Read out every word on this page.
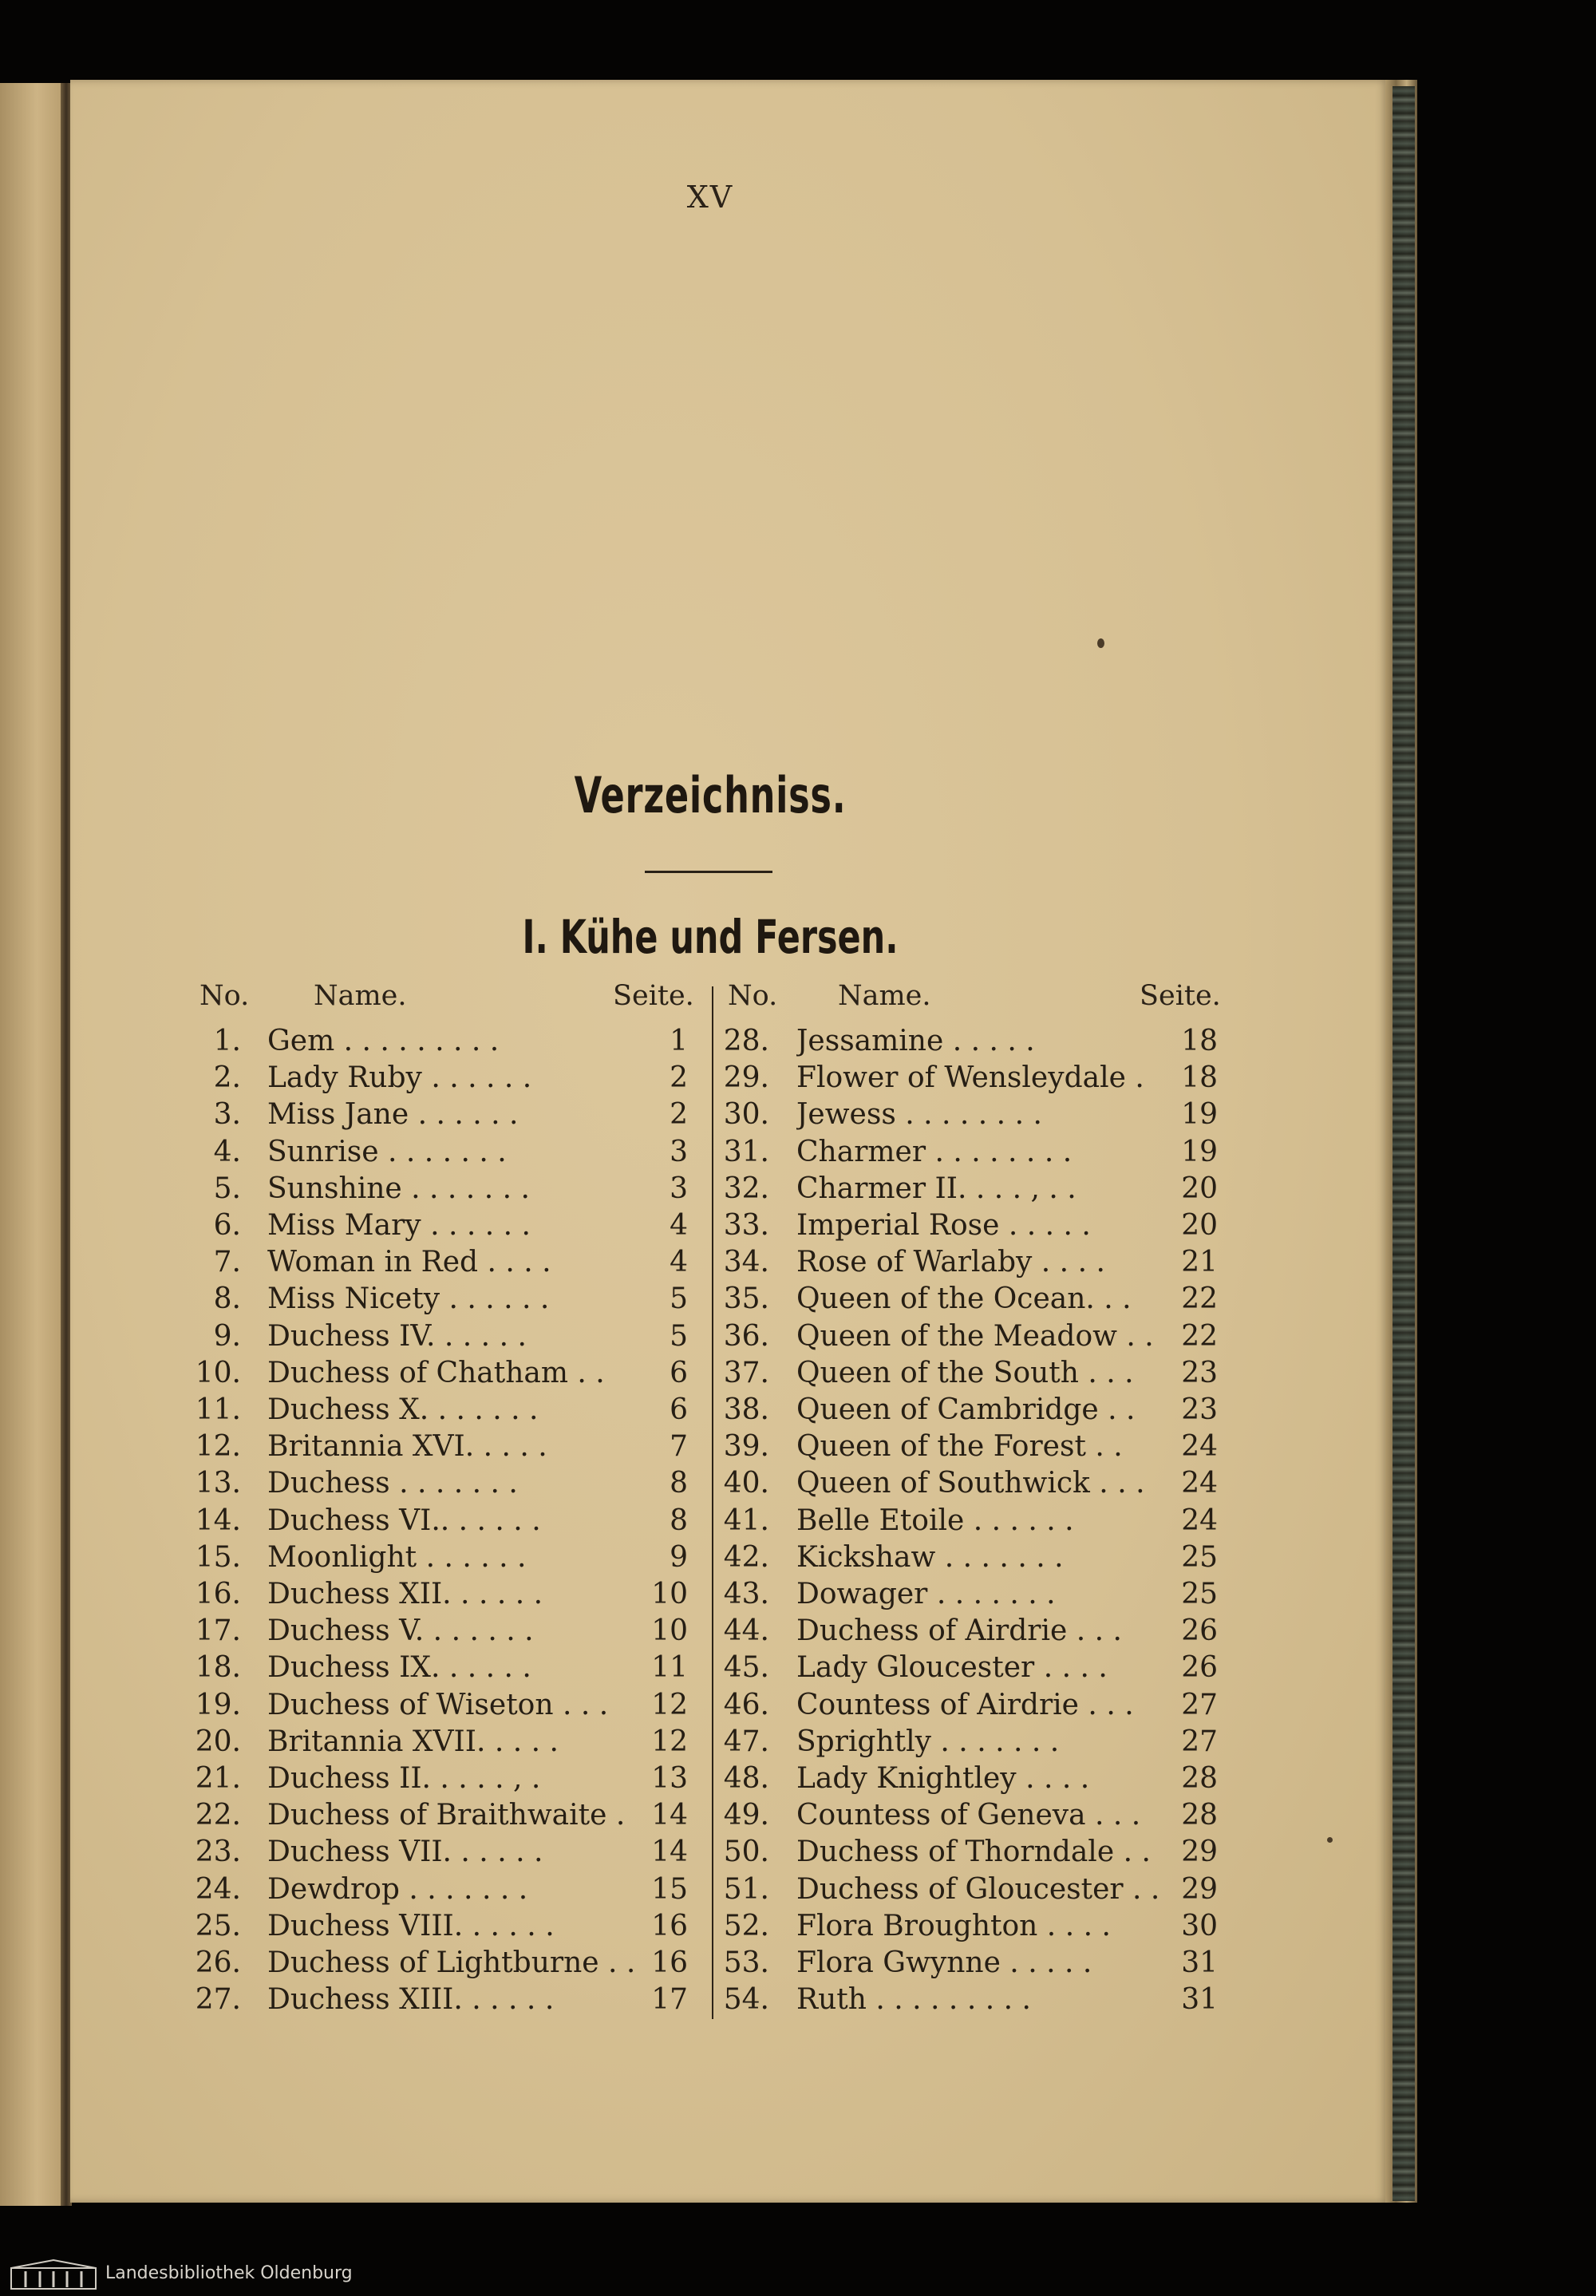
XV
Verzeichniss.
I. Kühe und Fersen.
No. Name.	Seite. No. Name.	Seite.
1. Gem . . . . . . . . .	1
2. Lady Ruby . . . . . .	2
3. Miss Jane . . . . . .	2
4. Sunrise . . . . . . .	3
5. Sunshine . . . . . . .	3
6. Miss Mary . . . . . .	4
7. Woman in Red . . . .	4
8. Miss Nicety . . . . . .	5
9. Duchess IV. . . . . .	5
10. Duchess of Chatham . .	6
11. Duchess X. . . . . . .	6
12. Britannia XVI. . . . .	7
13. Duchess . . . . . . .	8
14. Duchess VI.. . . . . .	8
15. Moonlight . . . . . .	9
16. Duchess XII. . . . . .	10
17. Duchess V. . . . . . .	10
18. Duchess IX. . . . . .	11
19. Duchess of Wiseton . . .	12
20. Britannia XVII. . . . .	12
21. Duchess II. . . . . , .	13
22. Duchess of Braithwaite . 14
23. Duchess VII. . . . . .	14
24. Dewdrop . . . . . . .	15
25. Duchess VIII. . . . . .	16
26. Duchess of Lightburne . . 16
27. Duchess XIII. . . . . .	17
28. Jessamine . . . . .	18
29. Flower of Wensleydale .	18
30. Jewess . . . . . . . .	19
31. Charmer . . . . . . . .	19
32. Charmer II. . . . , . .	20
33. Imperial Rose . . . . .	20
34. Rose of Warlaby . . . .	21
35. Queen of the Ocean. . .	22
36. Queen of the Meadow . . 22
37. Queen of the South . . .	23
38. Queen of Cambridge . .	23
39. Queen of the Forest . .	24
40. Queen of Southwick . . .	24
41. Belle Etoile . . . . . .	24
42. Kickshaw . . . . . . .	25
43. Dowager . . . . . . .	25
44. Duchess of Airdrie . . .	26
45. Lady Gloucester . . . .	26
46. Countess of Airdrie . . .	27
47. Sprightly . . . . . . .	27
48. Lady Knightley . . . .	28
49. Countess of Geneva . . .	28
50. Duchess of Thorndale . .	29
51. Duchess of Gloucester . . 29
52. Flora Broughton . . . .	30
53. Flora Gwynne . . . . .	31
54. Ruth . . . . . . . . .	31
Landesbibliothek Oldenburg
